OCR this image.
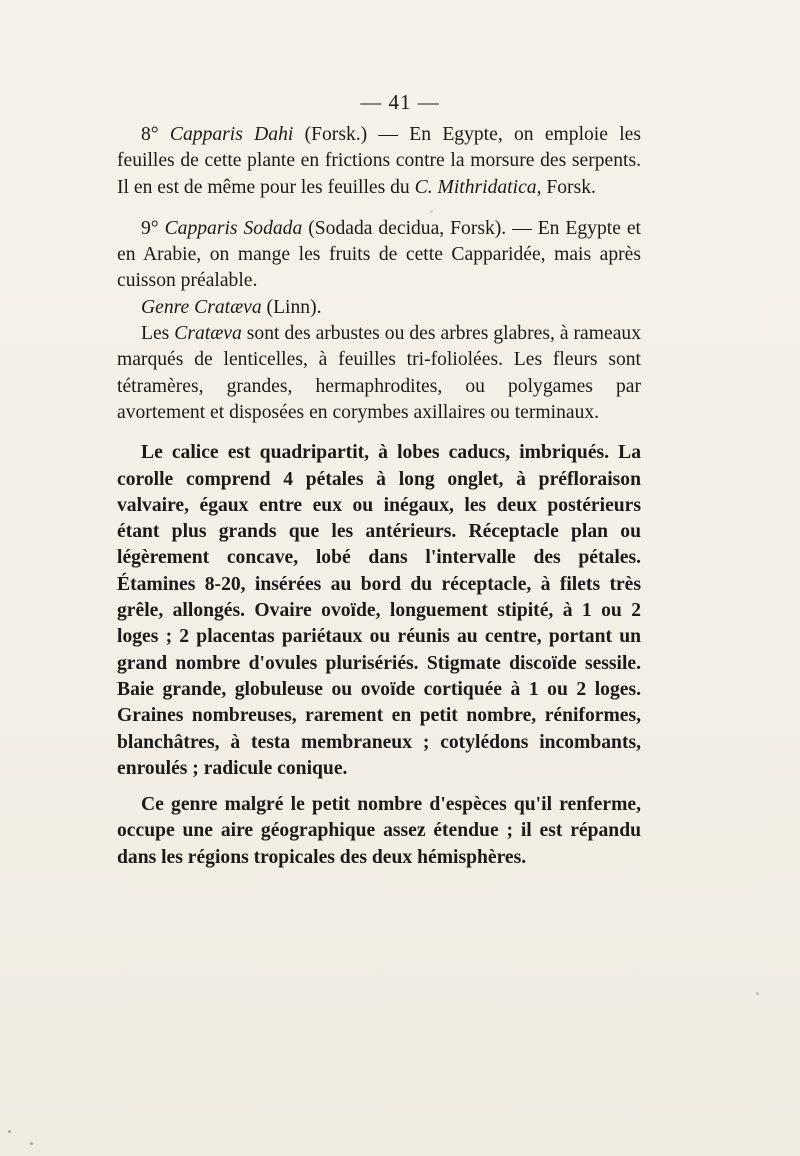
— 41 —

8° Capparis Dahi (Forsk.) — En Egypte, on emploie les feuilles de cette plante en frictions contre la morsure des serpents. Il en est de même pour les feuilles du C. Mithridatica, Forsk.

9° Capparis Sodada (Sodada decidua, Forsk). — En Egypte et en Arabie, on mange les fruits de cette Capparidée, mais après cuisson préalable.

Genre Cratæva (Linn).

Les Cratæva sont des arbustes ou des arbres glabres, à rameaux marqués de lenticelles, à feuilles tri-foliolées. Les fleurs sont tétramères, grandes, hermaphrodites, ou polygames par avortement et disposées en corymbes axillaires ou terminaux.

Le calice est quadripartit, à lobes caducs, imbriqués. La corolle comprend 4 pétales à long onglet, à préfloraison valvaire, égaux entre eux ou inégaux, les deux postérieurs étant plus grands que les antérieurs. Réceptacle plan ou légèrement concave, lobé dans l'intervalle des pétales. Étamines 8-20, insérées au bord du réceptacle, à filets très grêle, allongés. Ovaire ovoïde, longuement stipité, à 1 ou 2 loges ; 2 placentas pariétaux ou réunis au centre, portant un grand nombre d'ovules plurisériés. Stigmate discoïde sessile. Baie grande, globuleuse ou ovoïde cortiquée à 1 ou 2 loges. Graines nombreuses, rarement en petit nombre, réniformes, blanchâtres, à testa membraneux ; cotylédons incombants, enroulés ; radicule conique.

Ce genre malgré le petit nombre d'espèces qu'il renferme, occupe une aire géographique assez étendue ; il est répandu dans les régions tropicales des deux hémisphères.
